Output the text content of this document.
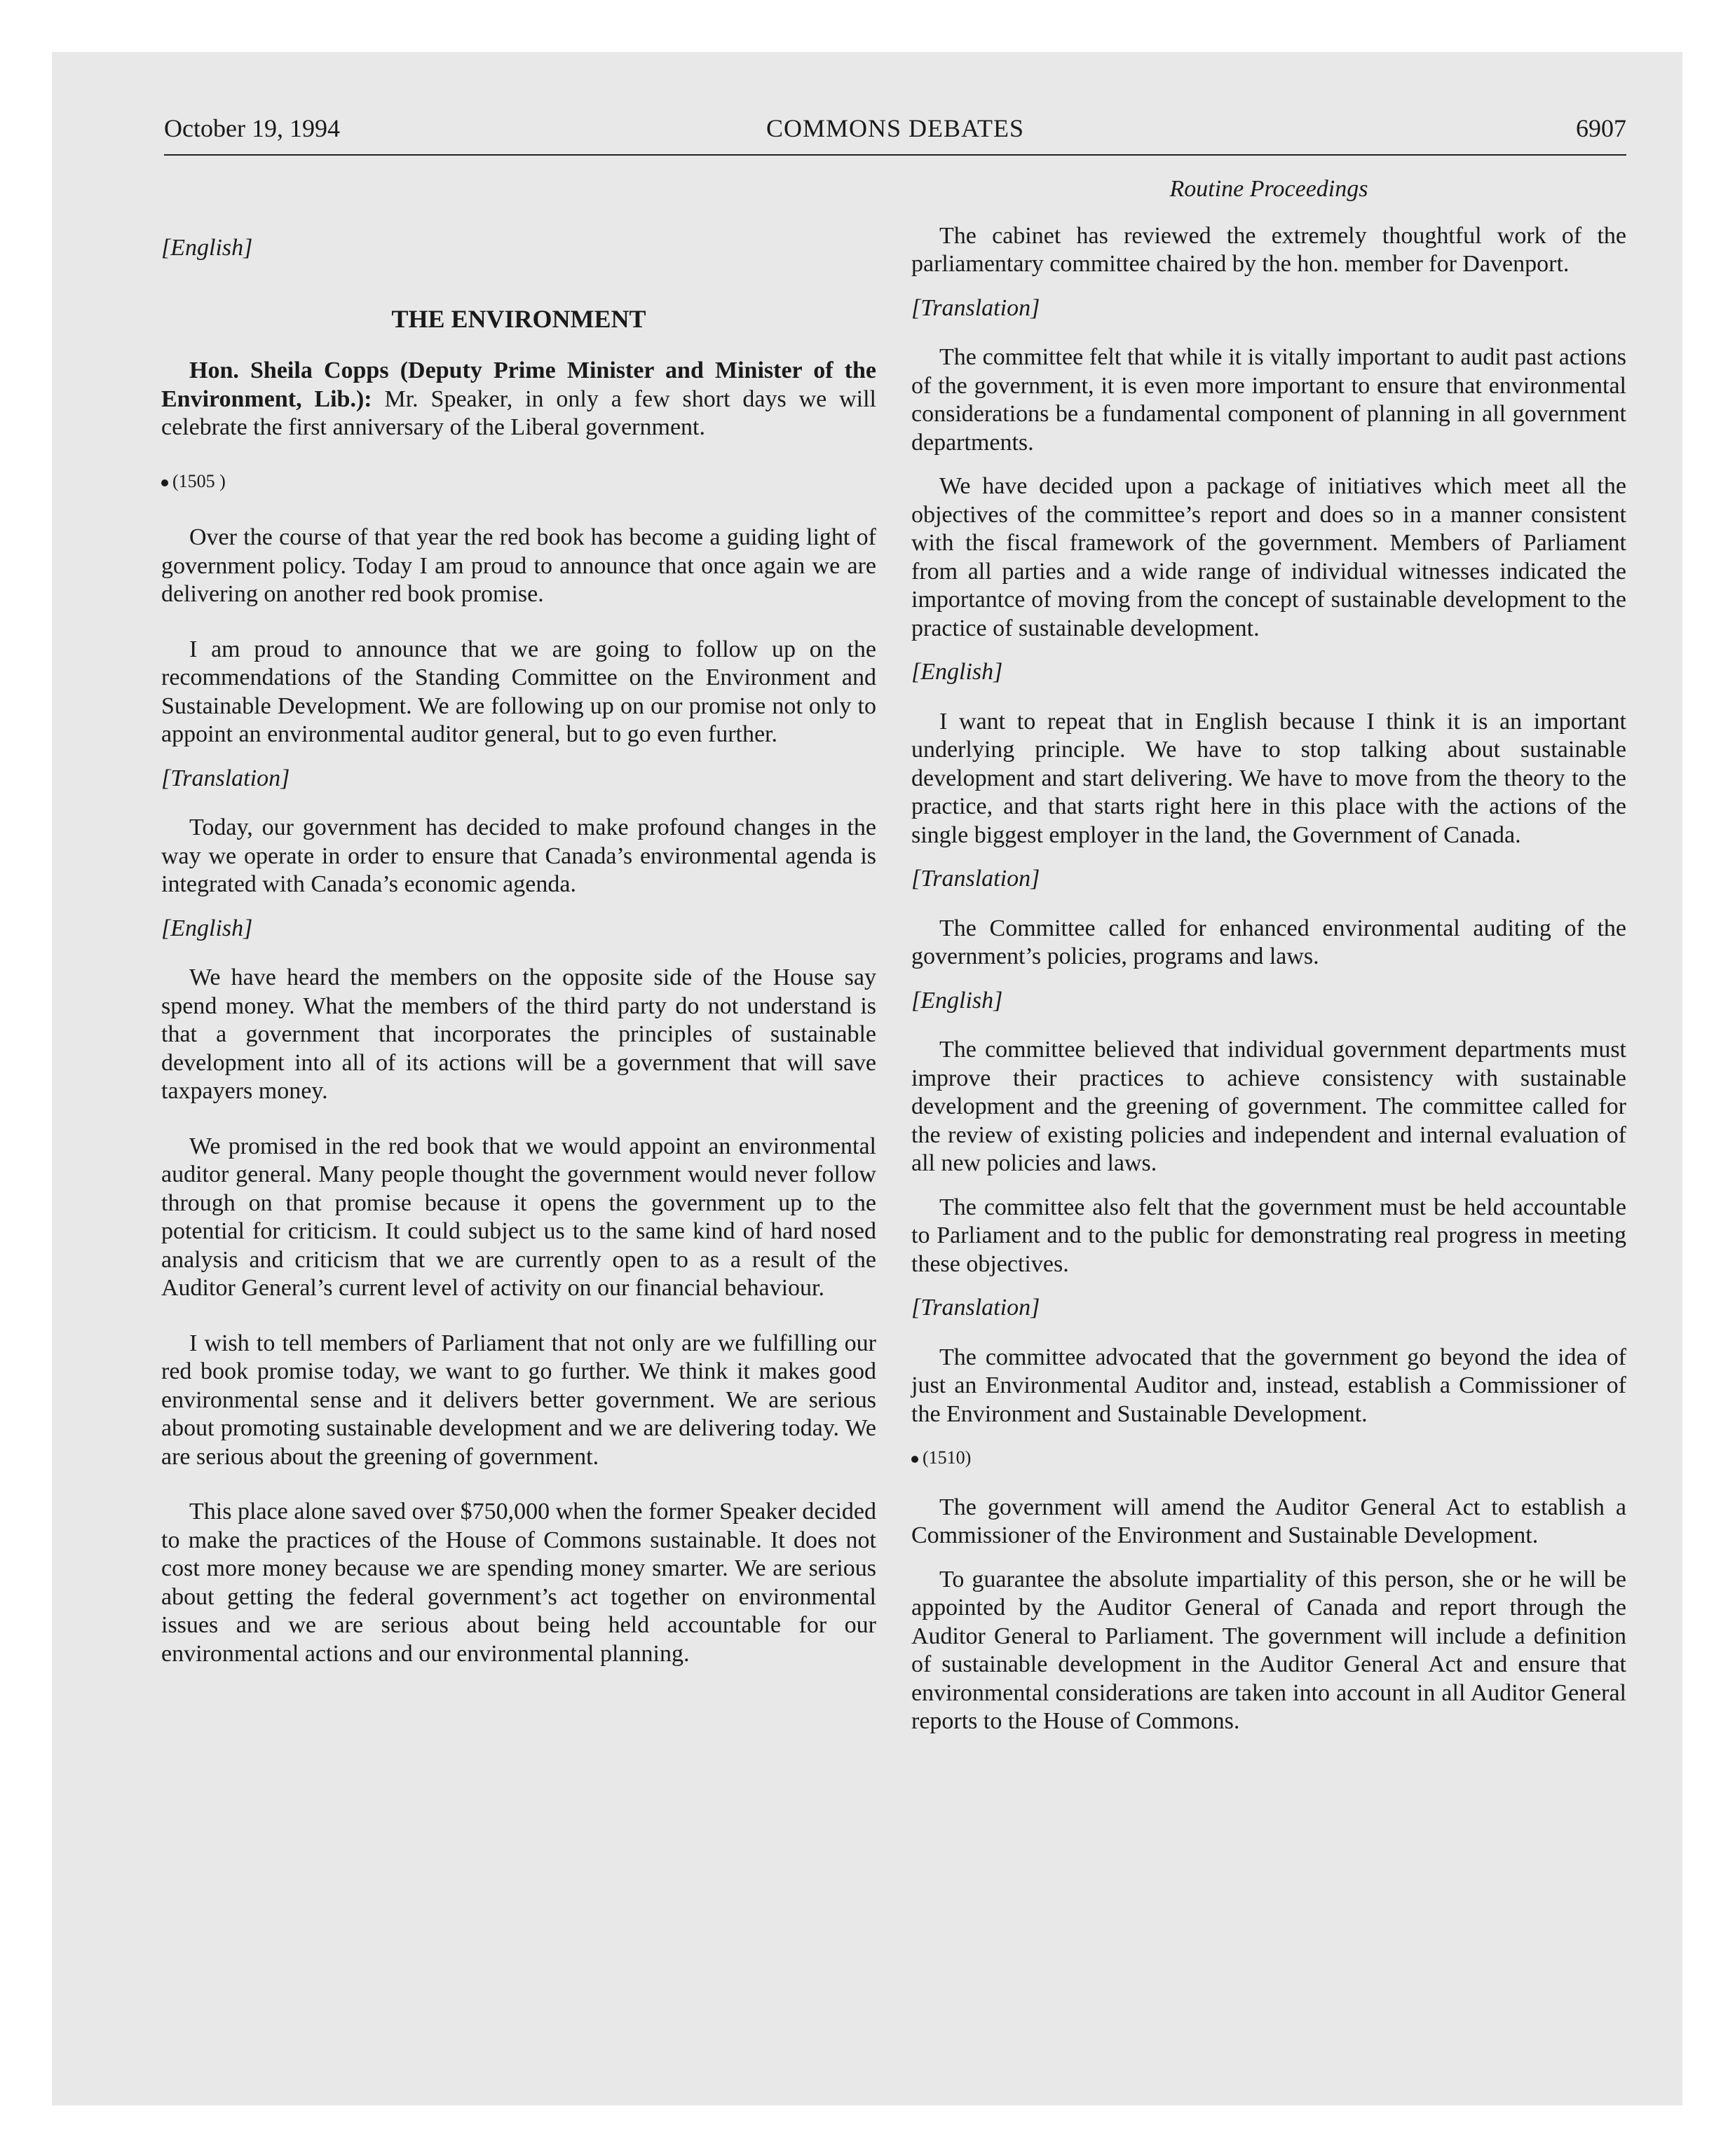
October 19, 1994	COMMONS DEBATES	6907

[English]

THE ENVIRONMENT

Hon. Sheila Copps (Deputy Prime Minister and Minister of the Environment, Lib.): Mr. Speaker, in only a few short days we will celebrate the first anniversary of the Liberal government.

(1505 )

Over the course of that year the red book has become a guiding light of government policy. Today I am proud to announce that once again we are delivering on another red book promise.

I am proud to announce that we are going to follow up on the recommendations of the Standing Committee on the Environment and Sustainable Development. We are following up on our promise not only to appoint an environmental auditor general, but to go even further.

[Translation]

Today, our government has decided to make profound changes in the way we operate in order to ensure that Canada’s environmental agenda is integrated with Canada’s economic agenda.

[English]

We have heard the members on the opposite side of the House say spend money. What the members of the third party do not understand is that a government that incorporates the principles of sustainable development into all of its actions will be a government that will save taxpayers money.

We promised in the red book that we would appoint an environmental auditor general. Many people thought the government would never follow through on that promise because it opens the government up to the potential for criticism. It could subject us to the same kind of hard nosed analysis and criticism that we are currently open to as a result of the Auditor General’s current level of activity on our financial behaviour.

I wish to tell members of Parliament that not only are we fulfilling our red book promise today, we want to go further. We think it makes good environmental sense and it delivers better government. We are serious about promoting sustainable development and we are delivering today. We are serious about the greening of government.

This place alone saved over $750,000 when the former Speaker decided to make the practices of the House of Commons sustainable. It does not cost more money because we are spending money smarter. We are serious about getting the federal government’s act together on environmental issues and we are serious about being held accountable for our environmental actions and our environmental planning.

Routine Proceedings

The cabinet has reviewed the extremely thoughtful work of the parliamentary committee chaired by the hon. member for Davenport.

[Translation]

The committee felt that while it is vitally important to audit past actions of the government, it is even more important to ensure that environmental considerations be a fundamental component of planning in all government departments.

We have decided upon a package of initiatives which meet all the objectives of the committee’s report and does so in a manner consistent with the fiscal framework of the government. Members of Parliament from all parties and a wide range of individual witnesses indicated the importantce of moving from the concept of sustainable development to the practice of sustainable development.

[English]

I want to repeat that in English because I think it is an important underlying principle. We have to stop talking about sustainable development and start delivering. We have to move from the theory to the practice, and that starts right here in this place with the actions of the single biggest employer in the land, the Government of Canada.

[Translation]

The Committee called for enhanced environmental auditing of the government’s policies, programs and laws.

[English]

The committee believed that individual government departments must improve their practices to achieve consistency with sustainable development and the greening of government. The committee called for the review of existing policies and independent and internal evaluation of all new policies and laws.

The committee also felt that the government must be held accountable to Parliament and to the public for demonstrating real progress in meeting these objectives.

[Translation]

The committee advocated that the government go beyond the idea of just an Environmental Auditor and, instead, establish a Commissioner of the Environment and Sustainable Development.

(1510)

The government will amend the Auditor General Act to establish a Commissioner of the Environment and Sustainable Development.

To guarantee the absolute impartiality of this person, she or he will be appointed by the Auditor General of Canada and report through the Auditor General to Parliament. The government will include a definition of sustainable development in the Auditor General Act and ensure that environmental considerations are taken into account in all Auditor General reports to the House of Commons.
